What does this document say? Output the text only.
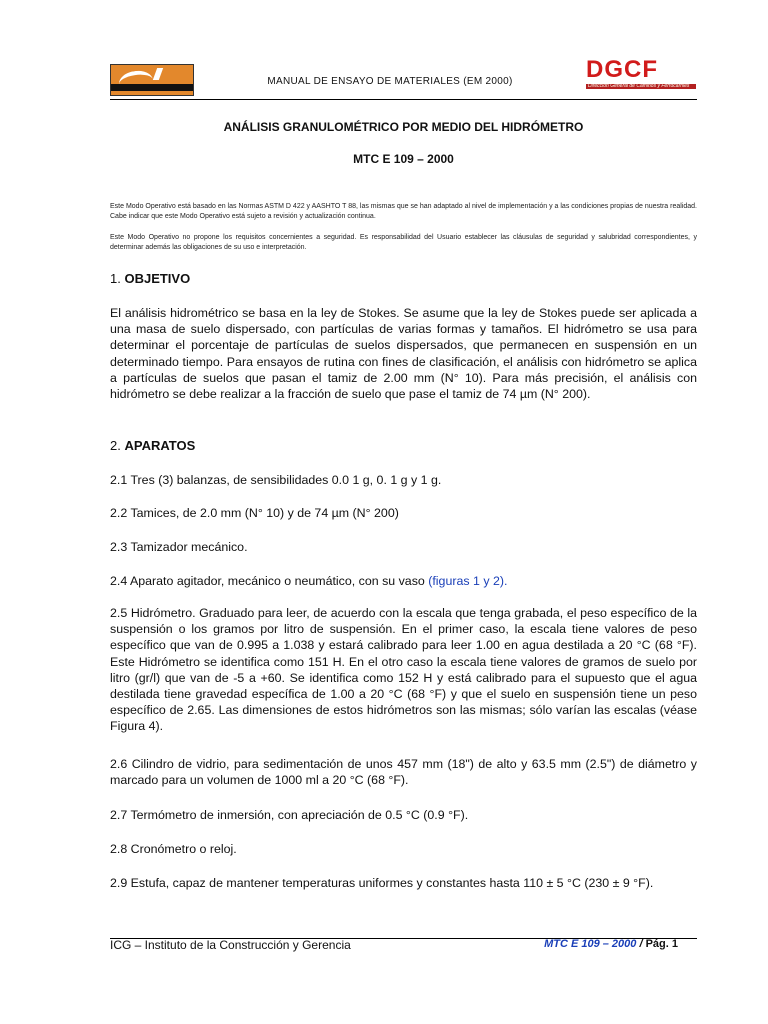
MANUAL DE ENSAYO DE MATERIALES (EM 2000)	DGCF
Dirección General de Caminos y Ferrocarriles
ANÁLISIS GRANULOMÉTRICO POR MEDIO DEL HIDRÓMETRO
MTC E 109 – 2000
Este Modo Operativo está basado en las Normas ASTM D 422 y AASHTO T 88, las mismas que se han adaptado al nivel de implementación y a las condiciones propias de nuestra realidad. Cabe indicar que este Modo Operativo está sujeto a revisión y actualización continua.
Este Modo Operativo no propone los requisitos concernientes a seguridad. Es responsabilidad del Usuario establecer las cláusulas de seguridad y salubridad correspondientes, y determinar además las obligaciones de su uso e interpretación.
1. OBJETIVO
El análisis hidrométrico se basa en la ley de Stokes. Se asume que la ley de Stokes puede ser aplicada a una masa de suelo dispersado, con partículas de varias formas y tamaños. El hidrómetro se usa para determinar el porcentaje de partículas de suelos dispersados, que permanecen en suspensión en un determinado tiempo. Para ensayos de rutina con fines de clasificación, el análisis con hidrómetro se aplica a partículas de suelos que pasan el tamiz de 2.00 mm (N° 10). Para más precisión, el análisis con hidrómetro se debe realizar a la fracción de suelo que pase el tamiz de 74 µm (N° 200).
2. APARATOS
2.1 Tres (3) balanzas, de sensibilidades 0.0 1 g, 0. 1 g y 1 g.
2.2 Tamices, de 2.0 mm (N° 10) y de 74 µm (N° 200)
2.3 Tamizador mecánico.
2.4 Aparato agitador, mecánico o neumático, con su vaso (figuras 1 y 2).
2.5 Hidrómetro. Graduado para leer, de acuerdo con la escala que tenga grabada, el peso específico de la suspensión o los gramos por litro de suspensión. En el primer caso, la escala tiene valores de peso específico que van de 0.995 a 1.038 y estará calibrado para leer 1.00 en agua destilada a 20 °C (68 °F). Este Hidrómetro se identifica como 151 H. En el otro caso la escala tiene valores de gramos de suelo por litro (gr/l) que van de -5 a +60. Se identifica como 152 H y está calibrado para el supuesto que el agua destilada tiene gravedad específica de 1.00 a 20 °C (68 °F) y que el suelo en suspensión tiene un peso específico de 2.65. Las dimensiones de estos hidrómetros son las mismas; sólo varían las escalas (véase Figura 4).
2.6 Cilindro de vidrio, para sedimentación de unos 457 mm (18") de alto y 63.5 mm (2.5") de diámetro y marcado para un volumen de 1000 ml a 20 °C (68 °F).
2.7 Termómetro de inmersión, con apreciación de 0.5 °C (0.9 °F).
2.8 Cronómetro o reloj.
2.9 Estufa, capaz de mantener temperaturas uniformes y constantes hasta 110 ± 5 °C (230 ± 9 °F).
ICG – Instituto de la Construcción y Gerencia	MTC E 109 – 2000 / Pág. 1
